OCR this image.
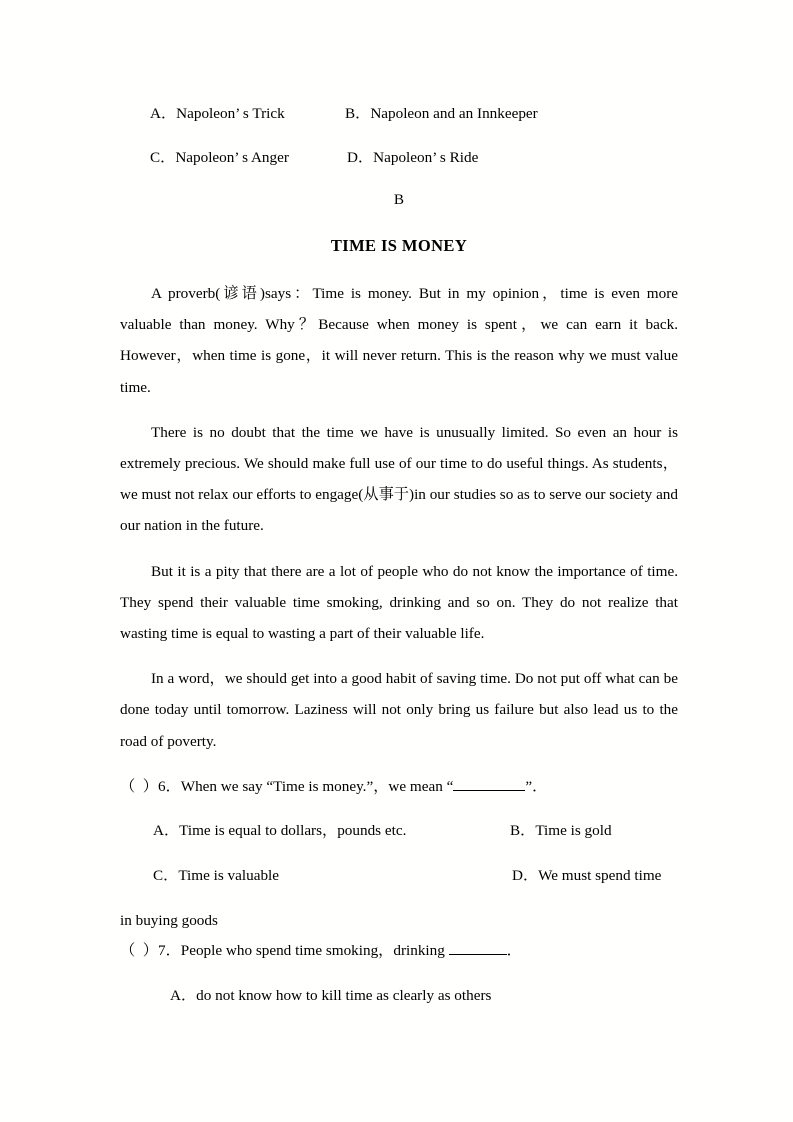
A．Napoleon’ s Trick	B．Napoleon and an Innkeeper
C．Napoleon’ s Anger	D．Napoleon’ s Ride
B
TIME IS MONEY

A proverb(谚语)says：Time is money. But in my opinion，time is even more valuable than money. Why？Because when money is spent，we can earn it back. However，when time is gone，it will never return. This is the reason why we must value time.

There is no doubt that the time we have is unusually limited. So even an hour is extremely precious. We should make full use of our time to do useful things. As students，we must not relax our efforts to engage(从事于)in our studies so as to serve our society and our nation in the future.

But it is a pity that there are a lot of people who do not know the importance of time. They spend their valuable time smoking, drinking and so on. They do not realize that wasting time is equal to wasting a part of their valuable life.

In a word，we should get into a good habit of saving time. Do not put off what can be done today until tomorrow. Laziness will not only bring us failure but also lead us to the road of poverty.

（  ）6．When we say “Time is money.”，we mean “	”．
A．Time is equal to dollars，pounds etc.	B．Time is gold
C．Time is valuable	D．We must spend time
in buying goods
（  ）7．People who spend time smoking，drinking	．
A．do not know how to kill time as clearly as others
